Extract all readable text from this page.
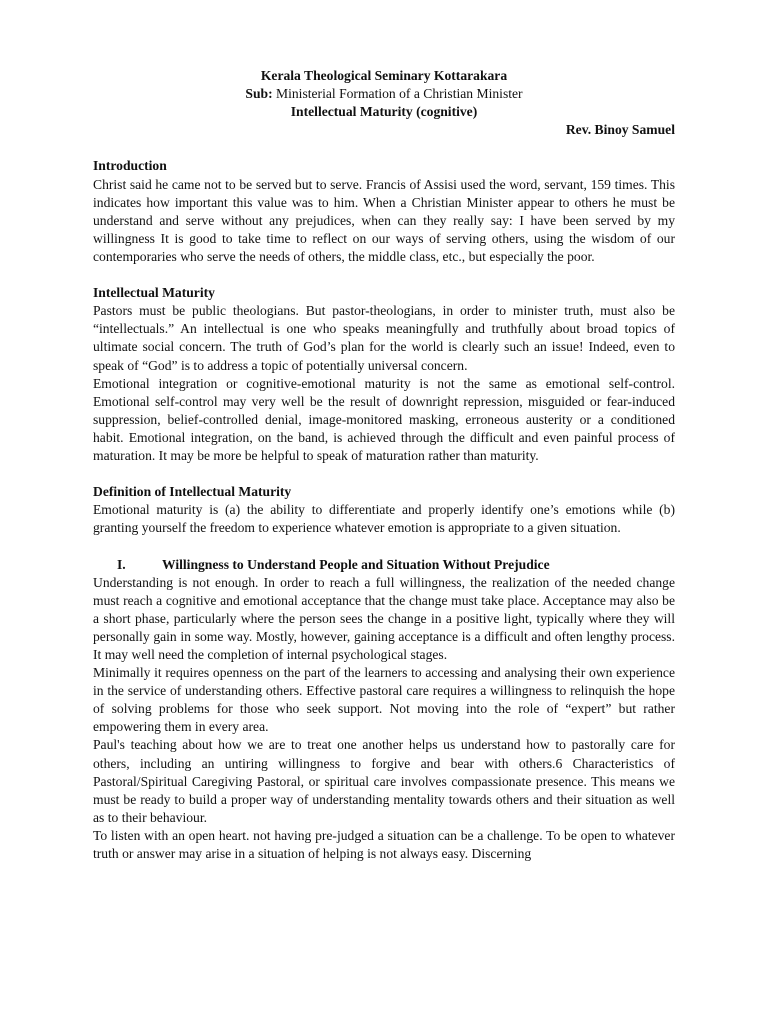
Kerala Theological Seminary Kottarakara

Sub: Ministerial Formation of a Christian Minister

Intellectual Maturity (cognitive)

Rev. Binoy Samuel

Introduction

Christ said he came not to be served but to serve. Francis of Assisi used the word, servant, 159 times. This indicates how important this value was to him. When a Christian Minister appear to others he must be understand and serve without any prejudices, when can they really say: I have been served by my willingness It is good to take time to reflect on our ways of serving others, using the wisdom of our contemporaries who serve the needs of others, the middle class, etc., but especially the poor.

Intellectual Maturity

Pastors must be public theologians. But pastor-theologians, in order to minister truth, must also be “intellectuals.” An intellectual is one who speaks meaningfully and truthfully about broad topics of ultimate social concern. The truth of God’s plan for the world is clearly such an issue! Indeed, even to speak of “God” is to address a topic of potentially universal concern.

Emotional integration or cognitive-emotional maturity is not the same as emotional self-control. Emotional self-control may very well be the result of downright repression, misguided or fear-induced suppression, belief-controlled denial, image-monitored masking, erroneous austerity or a conditioned habit. Emotional integration, on the band, is achieved through the difficult and even painful process of maturation. It may be more be helpful to speak of maturation rather than maturity.

Definition of Intellectual Maturity

Emotional maturity is (a) the ability to differentiate and properly identify one’s emotions while (b) granting yourself the freedom to experience whatever emotion is appropriate to a given situation.

I.	Willingness to Understand People and Situation Without Prejudice

Understanding is not enough. In order to reach a full willingness, the realization of the needed change must reach a cognitive and emotional acceptance that the change must take place. Acceptance may also be a short phase, particularly where the person sees the change in a positive light, typically where they will personally gain in some way. Mostly, however, gaining acceptance is a difficult and often lengthy process. It may well need the completion of internal psychological stages.

Minimally it requires openness on the part of the learners to accessing and analysing their own experience in the service of understanding others. Effective pastoral care requires a willingness to relinquish the hope of solving problems for those who seek support. Not moving into the role of “expert” but rather empowering them in every area.

Paul's teaching about how we are to treat one another helps us understand how to pastorally care for others, including an untiring willingness to forgive and bear with others.6 Characteristics of Pastoral/Spiritual Caregiving Pastoral, or spiritual care involves compassionate presence. This means we must be ready to build a proper way of understanding mentality towards others and their situation as well as to their behaviour.

To listen with an open heart. not having pre-judged a situation can be a challenge. To be open to whatever truth or answer may arise in a situation of helping is not always easy. Discerning
